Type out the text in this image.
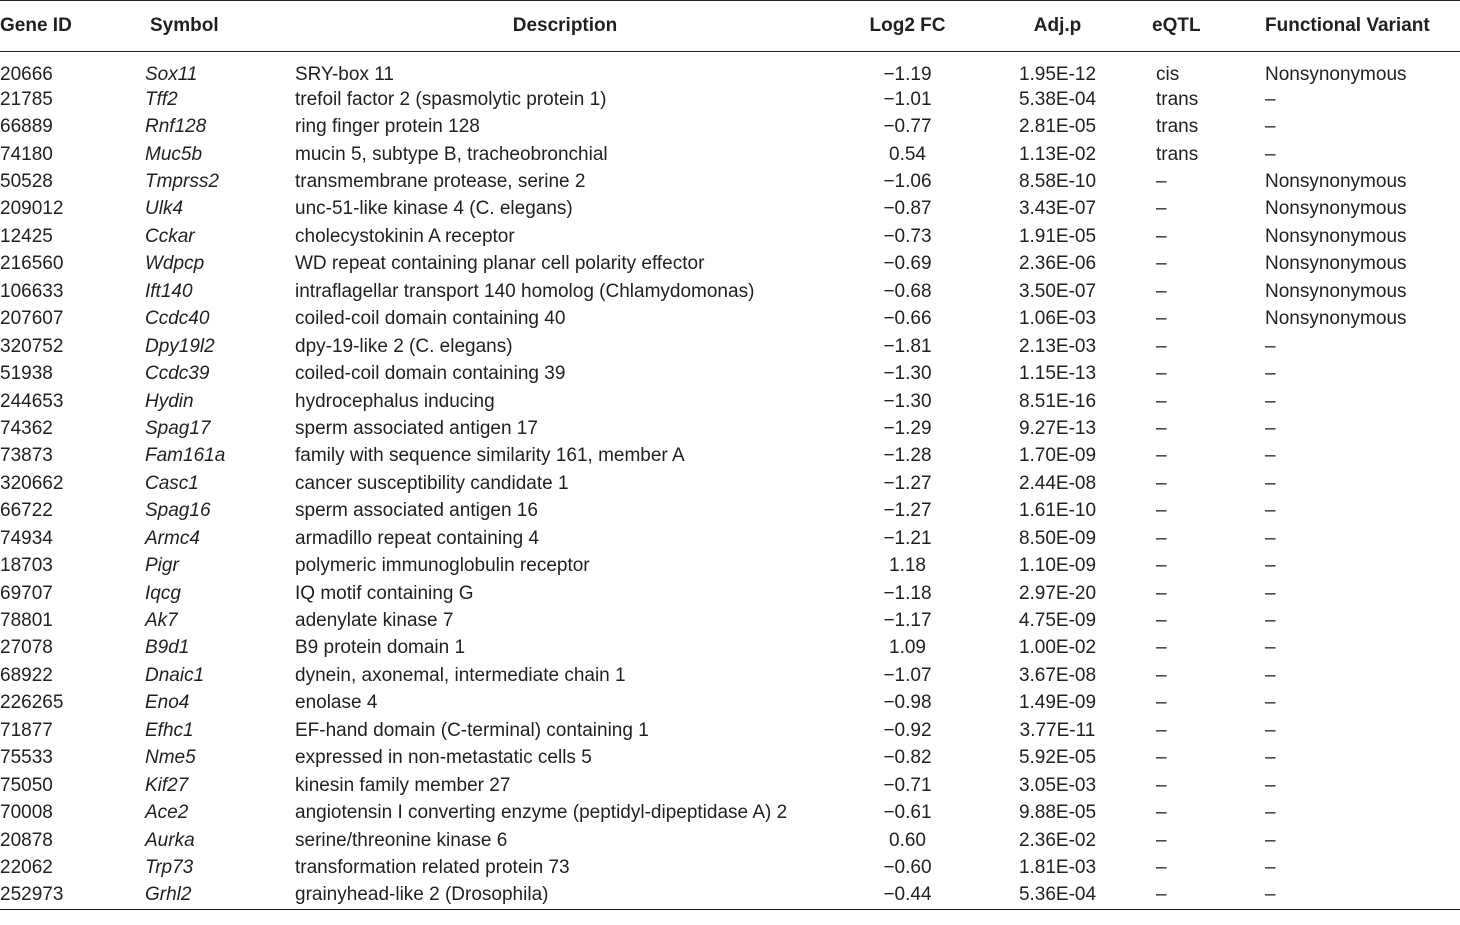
Gene ID	Symbol	Description	Log2 FC	Adj.p	eQTL	Functional Variant
20666	Sox11	SRY-box 11	−1.19	1.95E-12	cis	Nonsynonymous
21785	Tff2	trefoil factor 2 (spasmolytic protein 1)	−1.01	5.38E-04	trans	–
66889	Rnf128	ring finger protein 128	−0.77	2.81E-05	trans	–
74180	Muc5b	mucin 5, subtype B, tracheobronchial	0.54	1.13E-02	trans	–
50528	Tmprss2	transmembrane protease, serine 2	−1.06	8.58E-10	–	Nonsynonymous
209012	Ulk4	unc-51-like kinase 4 (C. elegans)	−0.87	3.43E-07	–	Nonsynonymous
12425	Cckar	cholecystokinin A receptor	−0.73	1.91E-05	–	Nonsynonymous
216560	Wdpcp	WD repeat containing planar cell polarity effector	−0.69	2.36E-06	–	Nonsynonymous
106633	Ift140	intraflagellar transport 140 homolog (Chlamydomonas)	−0.68	3.50E-07	–	Nonsynonymous
207607	Ccdc40	coiled-coil domain containing 40	−0.66	1.06E-03	–	Nonsynonymous
320752	Dpy19l2	dpy-19-like 2 (C. elegans)	−1.81	2.13E-03	–	–
51938	Ccdc39	coiled-coil domain containing 39	−1.30	1.15E-13	–	–
244653	Hydin	hydrocephalus inducing	−1.30	8.51E-16	–	–
74362	Spag17	sperm associated antigen 17	−1.29	9.27E-13	–	–
73873	Fam161a	family with sequence similarity 161, member A	−1.28	1.70E-09	–	–
320662	Casc1	cancer susceptibility candidate 1	−1.27	2.44E-08	–	–
66722	Spag16	sperm associated antigen 16	−1.27	1.61E-10	–	–
74934	Armc4	armadillo repeat containing 4	−1.21	8.50E-09	–	–
18703	Pigr	polymeric immunoglobulin receptor	1.18	1.10E-09	–	–
69707	Iqcg	IQ motif containing G	−1.18	2.97E-20	–	–
78801	Ak7	adenylate kinase 7	−1.17	4.75E-09	–	–
27078	B9d1	B9 protein domain 1	1.09	1.00E-02	–	–
68922	Dnaic1	dynein, axonemal, intermediate chain 1	−1.07	3.67E-08	–	–
226265	Eno4	enolase 4	−0.98	1.49E-09	–	–
71877	Efhc1	EF-hand domain (C-terminal) containing 1	−0.92	3.77E-11	–	–
75533	Nme5	expressed in non-metastatic cells 5	−0.82	5.92E-05	–	–
75050	Kif27	kinesin family member 27	−0.71	3.05E-03	–	–
70008	Ace2	angiotensin I converting enzyme (peptidyl-dipeptidase A) 2	−0.61	9.88E-05	–	–
20878	Aurka	serine/threonine kinase 6	0.60	2.36E-02	–	–
22062	Trp73	transformation related protein 73	−0.60	1.81E-03	–	–
252973	Grhl2	grainyhead-like 2 (Drosophila)	−0.44	5.36E-04	–	–
